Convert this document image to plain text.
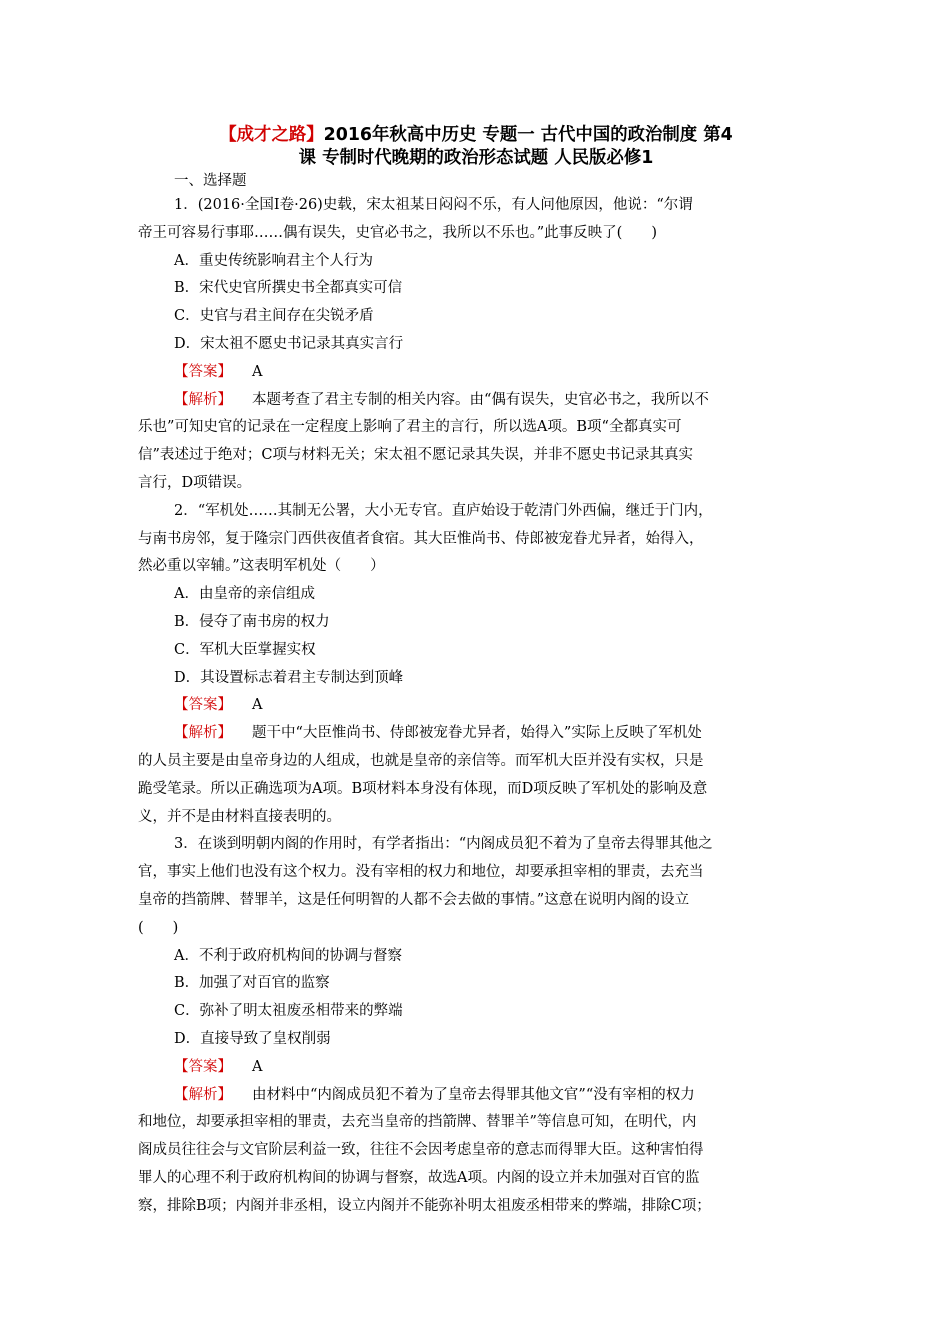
【成才之路】2016年秋高中历史 专题一 古代中国的政治制度 第4
课 专制时代晚期的政治形态试题 人民版必修1
一、选择题

1．(2016·全国Ⅰ卷·26)史载，宋太祖某日闷闷不乐，有人问他原因，他说：“尔谓

帝王可容易行事耶……偶有误失，史官必书之，我所以不乐也。”此事反映了(　　)

A．重史传统影响君主个人行为

B．宋代史官所撰史书全都真实可信

C．史官与君主间存在尖锐矛盾

D．宋太祖不愿史书记录其真实言行

【答案】 A

【解析】 本题考查了君主专制的相关内容。由“偶有误失，史官必书之，我所以不

乐也”可知史官的记录在一定程度上影响了君主的言行，所以选A项。B项“全都真实可

信”表述过于绝对；C项与材料无关；宋太祖不愿记录其失误，并非不愿史书记录其真实

言行，D项错误。

2．“军机处……其制无公署，大小无专官。直庐始设于乾清门外西偏，继迁于门内，

与南书房邻，复于隆宗门西供夜值者食宿。其大臣惟尚书、侍郎被宠眷尤异者，始得入，

然必重以宰辅。”这表明军机处（　　）

A．由皇帝的亲信组成

B．侵夺了南书房的权力

C．军机大臣掌握实权

D．其设置标志着君主专制达到顶峰

【答案】 A

【解析】 题干中“大臣惟尚书、侍郎被宠眷尤异者，始得入”实际上反映了军机处

的人员主要是由皇帝身边的人组成，也就是皇帝的亲信等。而军机大臣并没有实权，只是

跪受笔录。所以正确选项为A项。B项材料本身没有体现，而D项反映了军机处的影响及意

义，并不是由材料直接表明的。

3．在谈到明朝内阁的作用时，有学者指出：“内阁成员犯不着为了皇帝去得罪其他之

官，事实上他们也没有这个权力。没有宰相的权力和地位，却要承担宰相的罪责，去充当

皇帝的挡箭牌、替罪羊，这是任何明智的人都不会去做的事情。”这意在说明内阁的设立

(　　)

A．不利于政府机构间的协调与督察

B．加强了对百官的监察

C．弥补了明太祖废丞相带来的弊端

D．直接导致了皇权削弱

【答案】 A

【解析】 由材料中“内阁成员犯不着为了皇帝去得罪其他文官”“没有宰相的权力

和地位，却要承担宰相的罪责，去充当皇帝的挡箭牌、替罪羊”等信息可知，在明代，内

阁成员往往会与文官阶层利益一致，往往不会因考虑皇帝的意志而得罪大臣。这种害怕得

罪人的心理不利于政府机构间的协调与督察，故选A项。内阁的设立并未加强对百官的监

察，排除B项；内阁并非丞相，设立内阁并不能弥补明太祖废丞相带来的弊端，排除C项；
